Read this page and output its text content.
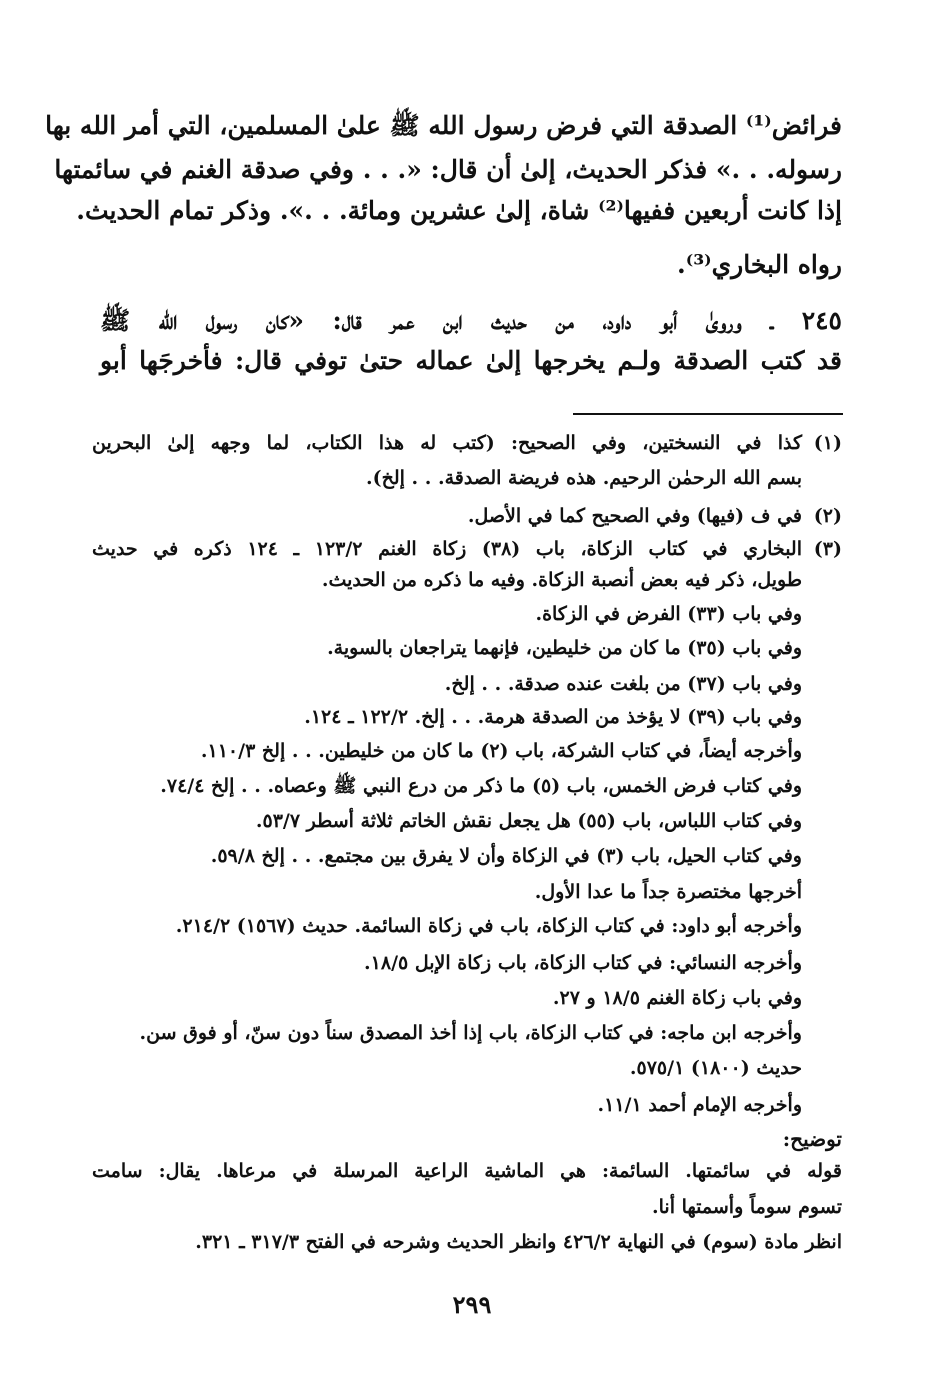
فرائض⁽¹⁾ الصدقة التي فرض رسول الله ﷺ علىٰ المسلمين، التي أمر الله بها
رسوله. . .» فذكر الحديث، إلىٰ أن قال: «. . . وفي صدقة الغنم في سائمتها
إذا كانت أربعين ففيها⁽²⁾ شاة، إلىٰ عشرين ومائة. . .». وذكر تمام الحديث.
رواه البخاري⁽³⁾.
٢٤٥ ـ ورویٰ أبو داود، من حديث ابن عمر قال: «كان رسول الله ﷺ
قد كتب الصدقة ولـم يخرجها إلىٰ عماله حتىٰ توفي قال: فأخرجَها أبو
(١)
كذا في النسختين، وفي الصحيح: (كتب له هذا الكتاب، لما وجهه إلىٰ البحرين
بسم الله الرحمٰن الرحيم. هذه فريضة الصدقة. . . إلخ).
(٢)
في ف (فيها) وفي الصحيح كما في الأصل.
(٣)
البخاري في كتاب الزكاة، باب (٣٨) زكاة الغنم ١٢٣/٢ ـ ١٢٤ ذكره في حديث
طويل، ذكر فيه بعض أنصبة الزكاة. وفيه ما ذكره من الحديث.
وفي باب (٣٣) الفرض في الزكاة.
وفي باب (٣٥) ما كان من خليطين، فإنهما يتراجعان بالسوية.
وفي باب (٣٧) من بلغت عنده صدقة. . . إلخ.
وفي باب (٣٩) لا يؤخذ من الصدقة هرمة. . . إلخ. ١٢٢/٢ ـ ١٢٤.
وأخرجه أيضاً، في كتاب الشركة، باب (٢) ما كان من خليطين. . . إلخ ١١٠/٣.
وفي كتاب فرض الخمس، باب (٥) ما ذكر من درع النبي ﷺ وعصاه. . . إلخ ٧٤/٤.
وفي كتاب اللباس، باب (٥٥) هل يجعل نقش الخاتم ثلاثة أسطر ٥٣/٧.
وفي كتاب الحيل، باب (٣) في الزكاة وأن لا يفرق بين مجتمع. . . إلخ ٥٩/٨.
أخرجها مختصرة جداً ما عدا الأول.
وأخرجه أبو داود: في كتاب الزكاة، باب في زكاة السائمة. حديث (١٥٦٧) ٢١٤/٢.
وأخرجه النسائي: في كتاب الزكاة، باب زكاة الإبل ١٨/٥.
وفي باب زكاة الغنم ١٨/٥ و ٢٧.
وأخرجه ابن ماجه: في كتاب الزكاة، باب إذا أخذ المصدق سناً دون سنّ، أو فوق سن.
حديث (١٨٠٠) ٥٧٥/١.
وأخرجه الإمام أحمد ١١/١.
توضيح:
قوله في سائمتها. السائمة: هي الماشية الراعية المرسلة في مرعاها. يقال: سامت
تسوم سوماً وأسمتها أنا.
انظر مادة (سوم) في النهاية ٤٢٦/٢ وانظر الحديث وشرحه في الفتح ٣١٧/٣ ـ ٣٢١.
٢٩٩
